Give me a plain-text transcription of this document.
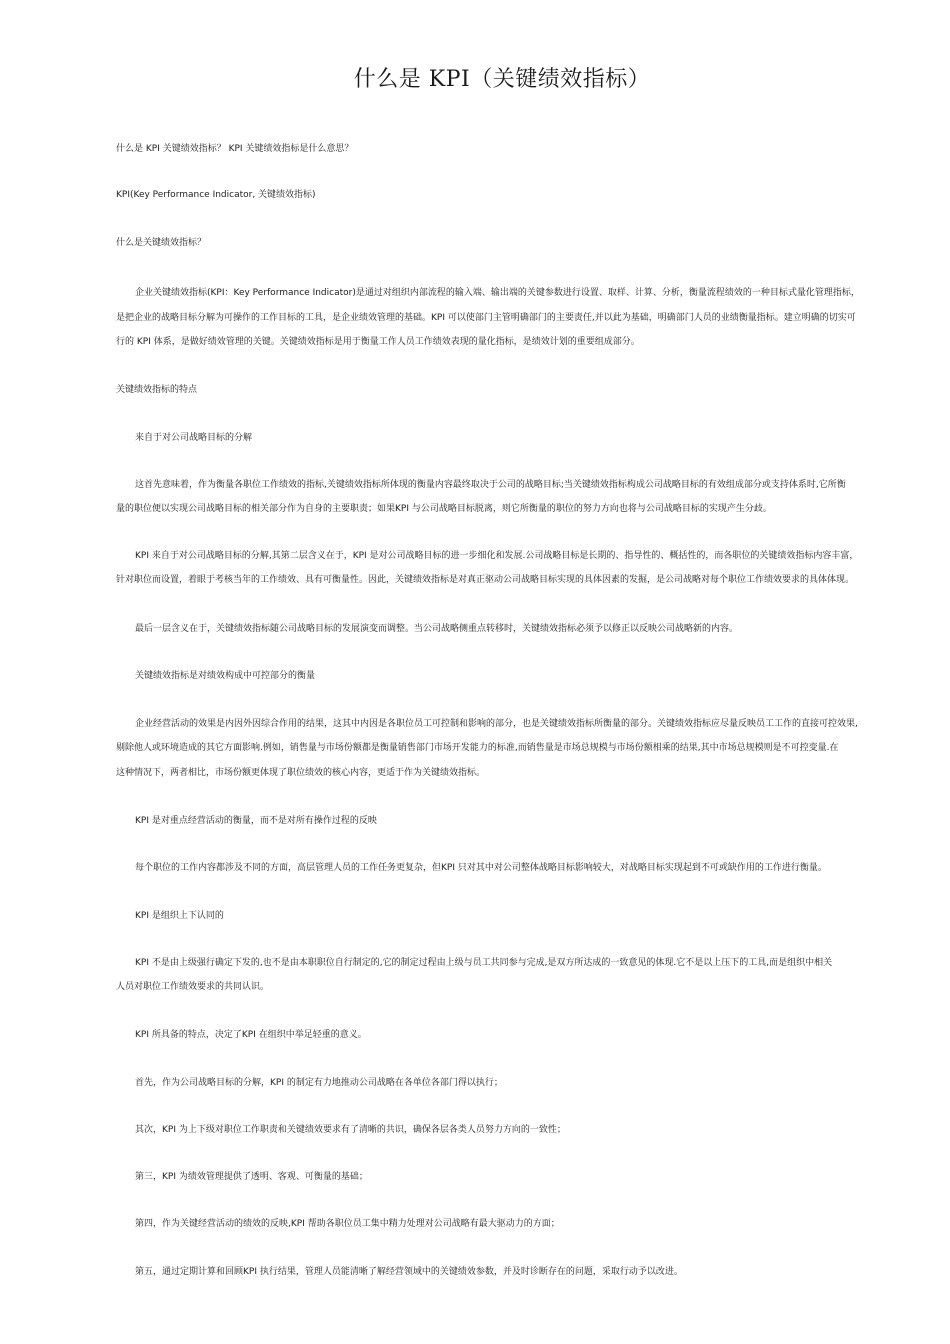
什么是 KPI（关键绩效指标）

什么是 KPI 关键绩效指标？ KPI 关键绩效指标是什么意思？

KPI(Key Performance Indicator, 关键绩效指标)

什么是关键绩效指标？

企业关键绩效指标(KPI：Key Performance Indicator)是通过对组织内部流程的输入端、输出端的关键参数进行设置、取样、计算、分析，衡量流程绩效的一种目标式量化管理指标，

是把企业的战略目标分解为可操作的工作目标的工具，是企业绩效管理的基础。KPI 可以使部门主管明确部门的主要责任,并以此为基础，明确部门人员的业绩衡量指标。建立明确的切实可

行的 KPI 体系，是做好绩效管理的关键。关键绩效指标是用于衡量工作人员工作绩效表现的量化指标，是绩效计划的重要组成部分。

关键绩效指标的特点

来自于对公司战略目标的分解

这首先意味着，作为衡量各职位工作绩效的指标,关键绩效指标所体现的衡量内容最终取决于公司的战略目标;当关键绩效指标构成公司战略目标的有效组成部分或支持体系时,它所衡

量的职位便以实现公司战略目标的相关部分作为自身的主要职责；如果KPI 与公司战略目标脱离，则它所衡量的职位的努力方向也将与公司战略目标的实现产生分歧。

KPI 来自于对公司战略目标的分解,其第二层含义在于，KPI 是对公司战略目标的进一步细化和发展.公司战略目标是长期的、指导性的、概括性的，而各职位的关键绩效指标内容丰富，

针对职位而设置，着眼于考核当年的工作绩效、具有可衡量性。因此，关键绩效指标是对真正驱动公司战略目标实现的具体因素的发掘，是公司战略对每个职位工作绩效要求的具体体现。

最后一层含义在于，关键绩效指标随公司战略目标的发展演变而调整。当公司战略侧重点转移时，关键绩效指标必须予以修正以反映公司战略新的内容。

关键绩效指标是对绩效构成中可控部分的衡量

企业经营活动的效果是内因外因综合作用的结果，这其中内因是各职位员工可控制和影响的部分，也是关键绩效指标所衡量的部分。关键绩效指标应尽量反映员工工作的直接可控效果,

剔除他人或环境造成的其它方面影响.例如，销售量与市场份额都是衡量销售部门市场开发能力的标准,而销售量是市场总规模与市场份额相乘的结果,其中市场总规模则是不可控变量.在

这种情况下，两者相比，市场份额更体现了职位绩效的核心内容，更适于作为关键绩效指标。

KPI 是对重点经营活动的衡量，而不是对所有操作过程的反映

每个职位的工作内容都涉及不同的方面，高层管理人员的工作任务更复杂，但KPI 只对其中对公司整体战略目标影响较大，对战略目标实现起到不可或缺作用的工作进行衡量。

KPI 是组织上下认同的

KPI 不是由上级强行确定下发的,也不是由本职职位自行制定的,它的制定过程由上级与员工共同参与完成,是双方所达成的一致意见的体现.它不是以上压下的工具,而是组织中相关

人员对职位工作绩效要求的共同认识。

KPI 所具备的特点，决定了KPI 在组织中举足轻重的意义。

首先，作为公司战略目标的分解，KPI 的制定有力地推动公司战略在各单位各部门得以执行；

其次，KPI 为上下级对职位工作职责和关键绩效要求有了清晰的共识，确保各层各类人员努力方向的一致性；

第三，KPI 为绩效管理提供了透明、客观、可衡量的基础；

第四，作为关键经营活动的绩效的反映,KPI 帮助各职位员工集中精力处理对公司战略有最大驱动力的方面；

第五，通过定期计算和回顾KPI 执行结果，管理人员能清晰了解经营领域中的关键绩效参数，并及时诊断存在的问题，采取行动予以改进。
